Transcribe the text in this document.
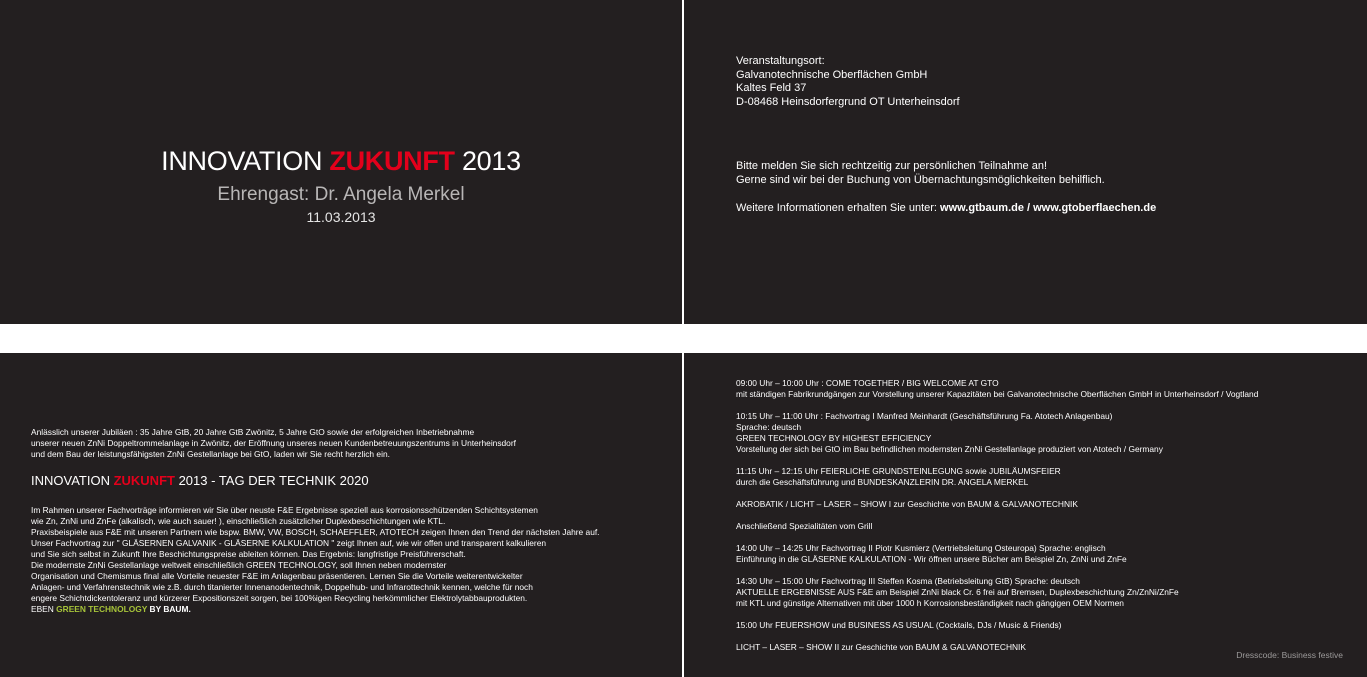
INNOVATION ZUKUNFT 2013
Ehrengast: Dr. Angela Merkel
11.03.2013
Veranstaltungsort:
Galvanotechnische Oberflächen GmbH
Kaltes Feld 37
D-08468 Heinsdorfergrund OT Unterheinsdorf

Bitte melden Sie sich rechtzeitig zur persönlichen Teilnahme an!

Gerne sind wir bei der Buchung von Übernachtungsmöglichkeiten behilflich.

Weitere Informationen erhalten Sie unter: www.gtbaum.de / www.gtoberflaechen.de

Anlässlich unserer Jubiläen : 35 Jahre GtB, 20 Jahre GtB Zwönitz, 5 Jahre GtO sowie der erfolgreichen Inbetriebnahme

unserer neuen ZnNi Doppeltrommelanlage in Zwönitz, der Eröffnung unseres neuen Kundenbetreuungszentrums in Unterheinsdorf

und dem Bau der leistungsfähigsten ZnNi Gestellanlage bei GtO, laden wir Sie recht herzlich ein.

INNOVATION ZUKUNFT 2013 - TAG DER TECHNIK 2020

Im Rahmen unserer Fachvorträge informieren wir Sie über neuste F&E Ergebnisse speziell aus korrosionsschützenden Schichtsystemen

wie Zn, ZnNi und ZnFe (alkalisch, wie auch sauer! ), einschließlich zusätzlicher Duplexbeschichtungen wie KTL.

Praxisbeispiele aus F&E mit unseren Partnern wie bspw. BMW, VW, BOSCH, SCHAEFFLER, ATOTECH zeigen Ihnen den Trend der nächsten Jahre auf.

Unser Fachvortrag zur " GLÄSERNEN GALVANIK - GLÄSERNE KALKULATION " zeigt Ihnen auf, wie wir offen und transparent kalkulieren

und Sie sich selbst in Zukunft Ihre Beschichtungspreise ableiten können. Das Ergebnis: langfristige Preisführerschaft.

Die modernste ZnNi Gestellanlage weltweit einschließlich GREEN TECHNOLOGY, soll Ihnen neben modernster

Organisation und Chemismus final alle Vorteile neuester F&E im Anlagenbau präsentieren. Lernen Sie die Vorteile weiterentwickelter

Anlagen- und Verfahrenstechnik wie z.B. durch titanierter Innenanodentechnik, Doppelhub- und Infrarottechnik kennen, welche für noch

engere Schichtdickentoleranz und kürzerer Expositionszeit sorgen, bei 100%igen Recycling herkömmlicher Elektrolytabbauprodukten.

EBEN GREEN TECHNOLOGY BY BAUM.

09:00 Uhr – 10:00 Uhr : COME TOGETHER / BIG WELCOME AT GTO

mit ständigen Fabrikrundgängen zur Vorstellung unserer Kapazitäten bei Galvanotechnische Oberflächen GmbH in Unterheinsdorf / Vogtland

10:15 Uhr – 11:00 Uhr : Fachvortrag I Manfred Meinhardt (Geschäftsführung Fa. Atotech Anlagenbau)

Sprache: deutsch

GREEN TECHNOLOGY BY HIGHEST EFFICIENCY

Vorstellung der sich bei GtO im Bau befindlichen modernsten ZnNi Gestellanlage produziert von Atotech / Germany

11:15 Uhr – 12:15 Uhr FEIERLICHE GRUNDSTEINLEGUNG sowie JUBILÄUMSFEIER

durch die Geschäftsführung und BUNDESKANZLERIN DR. ANGELA MERKEL

AKROBATIK / LICHT – LASER – SHOW I zur Geschichte von BAUM & GALVANOTECHNIK

Anschließend Spezialitäten vom Grill

14:00 Uhr – 14:25 Uhr Fachvortrag II Piotr Kusmierz (Vertriebsleitung Osteuropa) Sprache: englisch

Einführung in die GLÄSERNE KALKULATION - Wir öffnen unsere Bücher am Beispiel Zn, ZnNi und ZnFe

14:30 Uhr – 15:00 Uhr Fachvortrag III Steffen Kosma (Betriebsleitung GtB) Sprache: deutsch

AKTUELLE ERGEBNISSE AUS F&E am Beispiel ZnNi black Cr. 6 frei auf Bremsen, Duplexbeschichtung Zn/ZnNi/ZnFe

mit KTL und günstige Alternativen mit über 1000 h Korrosionsbeständigkeit nach gängigen OEM Normen

15:00 Uhr FEUERSHOW und BUSINESS AS USUAL (Cocktails, DJs / Music & Friends)

LICHT – LASER – SHOW II zur Geschichte von BAUM & GALVANOTECHNIK

Dresscode: Business festive
